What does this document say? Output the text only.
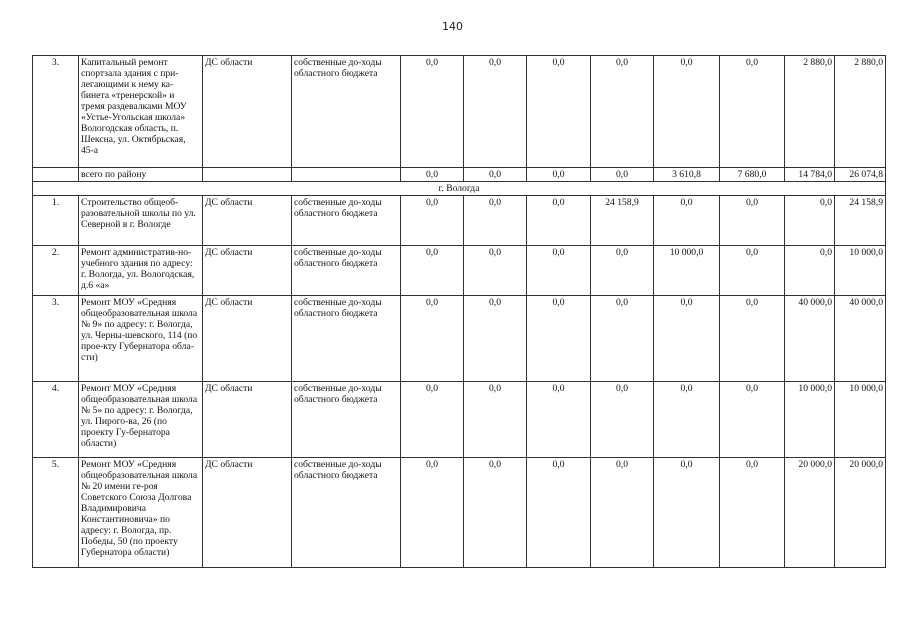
140
3.	Капитальный ремонт спортзала здания с при-легающими к нему ка-бинета «тренерской» и тремя раздевалками МОУ «Устье-Угольская школа» Вологодская область, п. Шексна, ул. Октябрьская, 45-а	ДС области	собственные до-ходы областного бюджета	0,0	0,0	0,0	0,0	0,0	0,0	2 880,0	2 880,0
	всего по району			0,0	0,0	0,0	0,0	3 610,8	7 680,0	14 784,0	26 074,8
г. Вологда											
1.	Строительство общеоб-разовательной школы по ул. Северной в г. Вологде	ДС области	собственные до-ходы областного бюджета	0,0	0,0	0,0	24 158,9	0,0	0,0	0,0	24 158,9
2.	Ремонт административ-но-учебного здания по адресу: г. Вологда, ул. Вологодская, д.6 «а»	ДС области	собственные до-ходы областного бюджета	0,0	0,0	0,0	0,0	10 000,0	0,0	0,0	10 000,0
3.	Ремонт МОУ «Средняя общеобразовательная школа № 9» по адресу: г. Вологда, ул. Черны-шевского, 114 (по прое-кту Губернатора обла-сти)	ДС области	собственные до-ходы областного бюджета	0,0	0,0	0,0	0,0	0,0	0,0	40 000,0	40 000,0
4.	Ремонт МОУ «Средняя общеобразовательная школа № 5» по адресу: г. Вологда, ул. Пирого-ва, 26 (по проекту Гу-бернатора области)	ДС области	собственные до-ходы областного бюджета	0,0	0,0	0,0	0,0	0,0	0,0	10 000,0	10 000,0
5.	Ремонт МОУ «Средняя общеобразовательная школа № 20 имени ге-роя Советского Союза Долгова Владимировича Константиновича» по адресу: г. Вологда, пр. Победы, 50 (по проекту Губернатора области)	ДС области	собственные до-ходы областного бюджета	0,0	0,0	0,0	0,0	0,0	0,0	20 000,0	20 000,0
